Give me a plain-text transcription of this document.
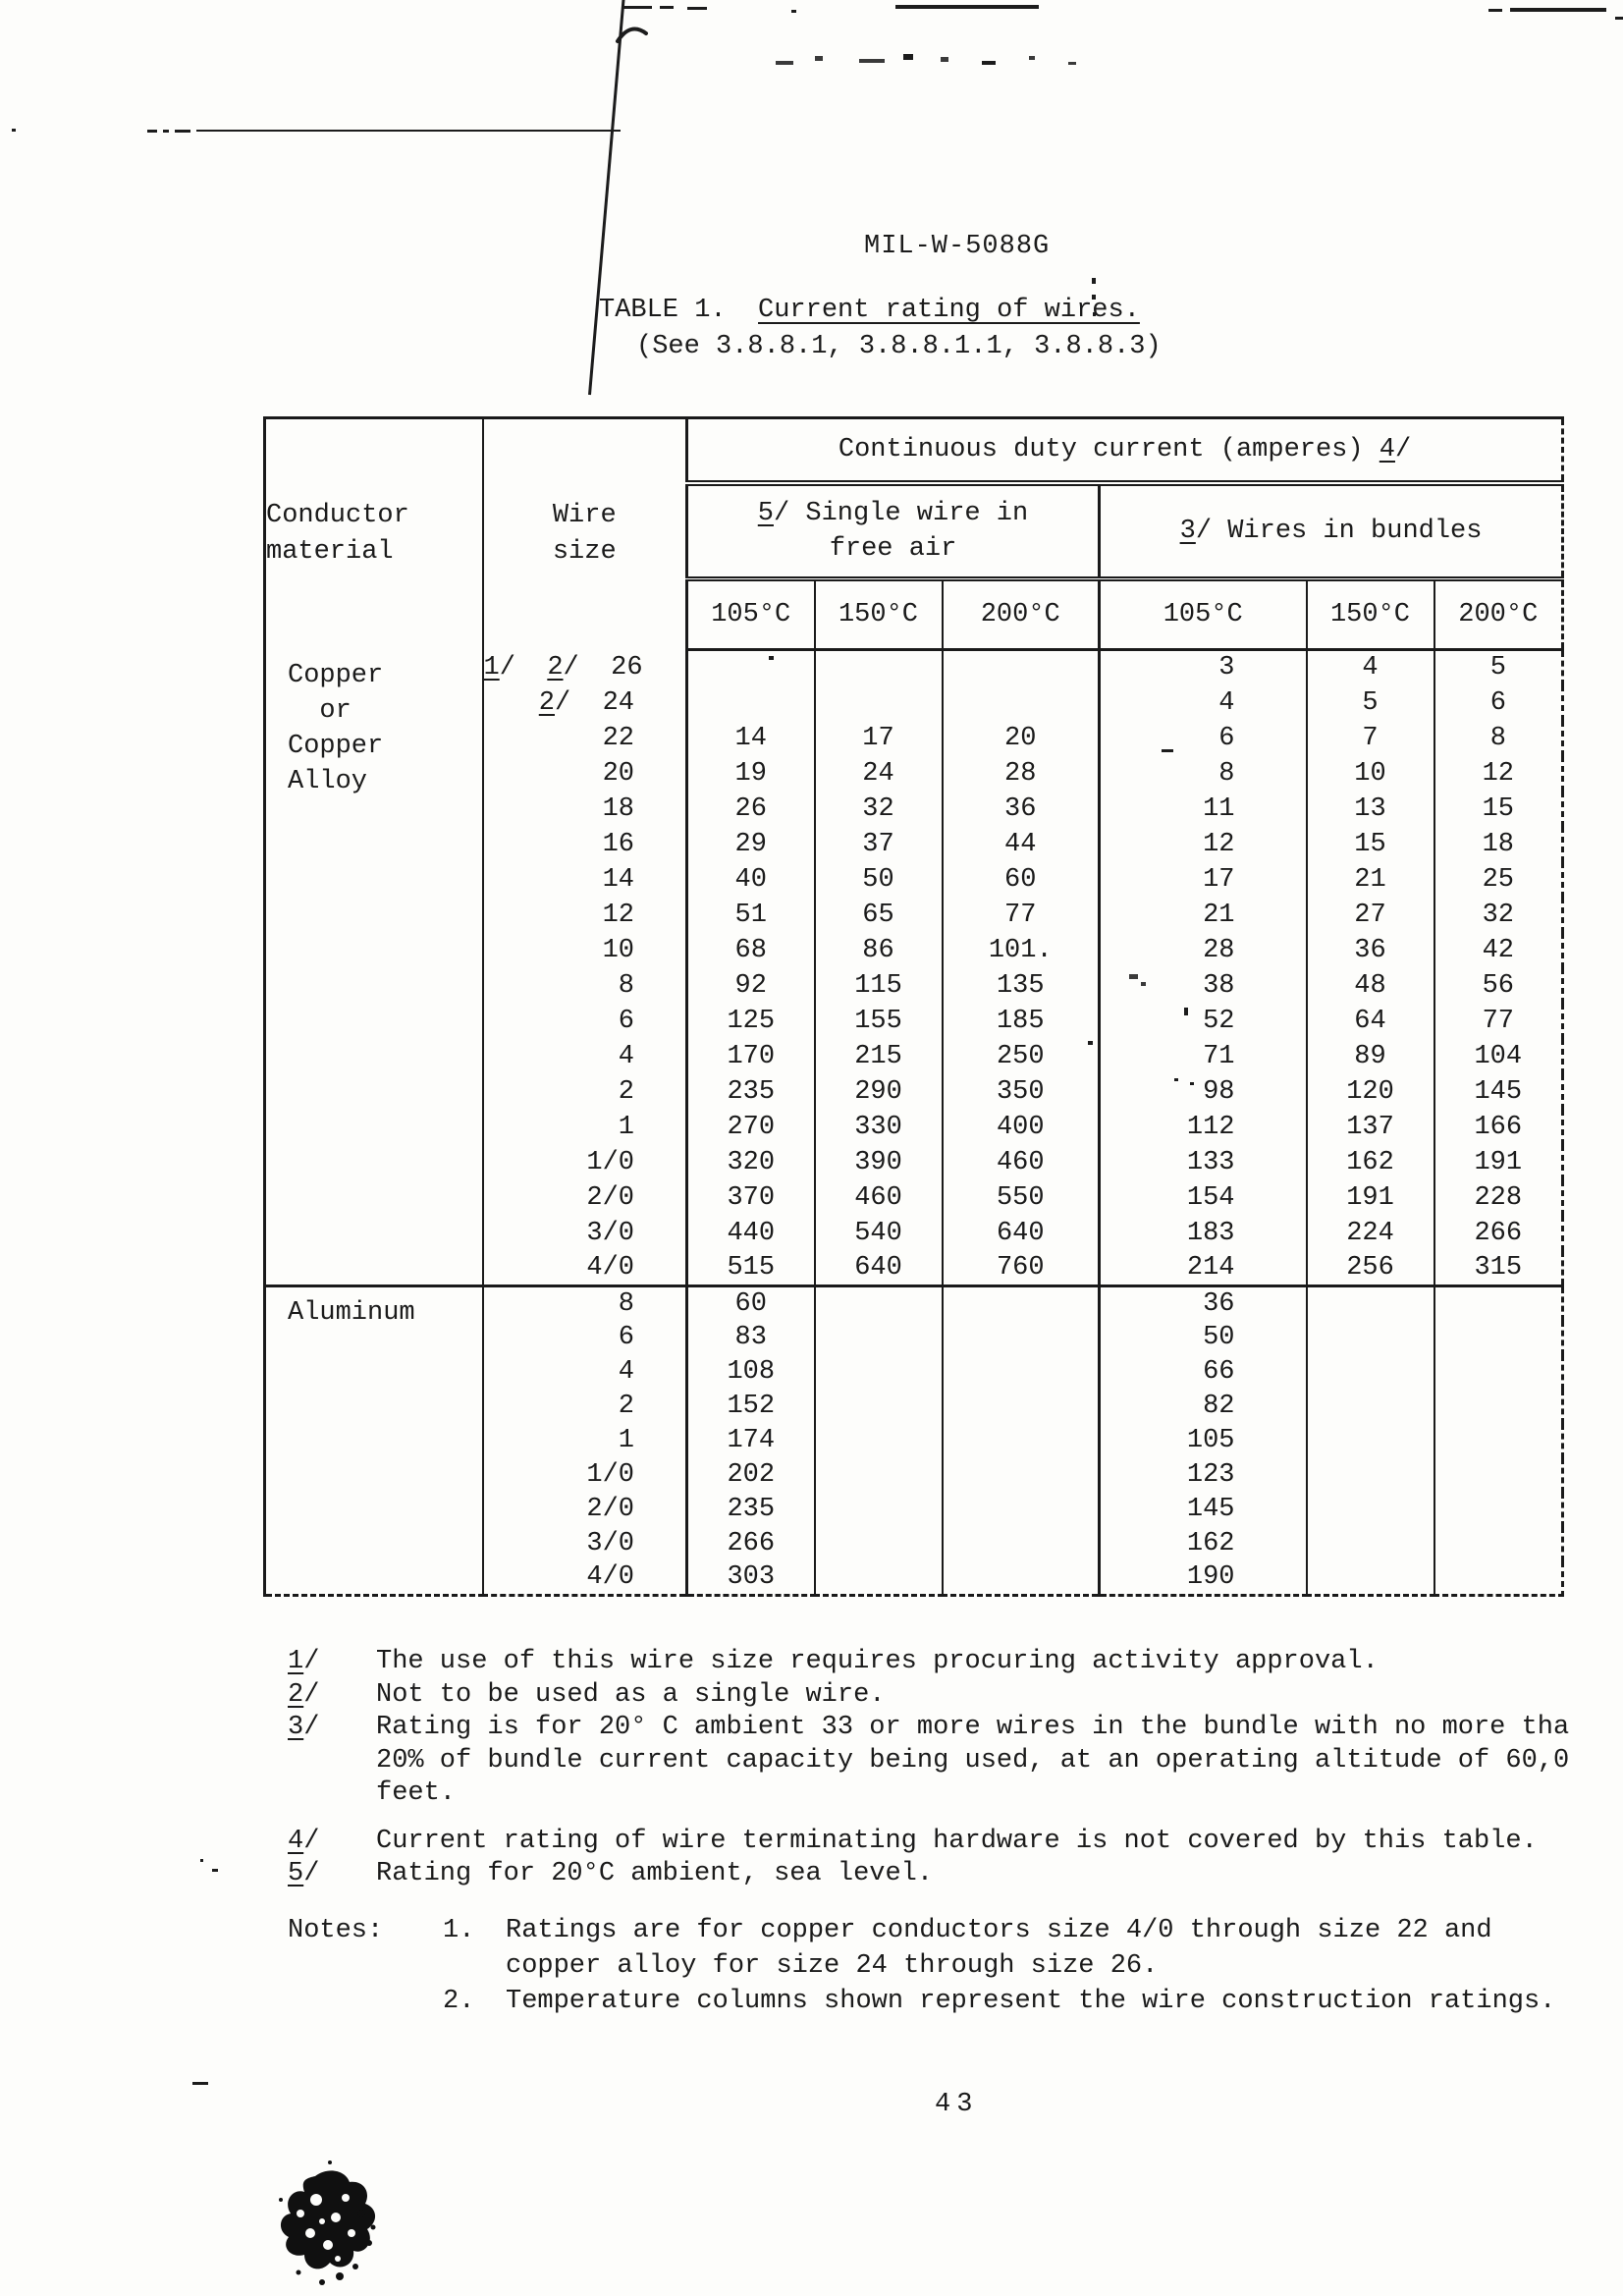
MIL-W-5088G
TABLE 1. Current rating of wires.
(See 3.8.8.1, 3.8.8.1.1, 3.8.8.3)
Conductor
material	Wire
size	Continuous duty current (amperes) 4/					
		5/ Single wire in
free air			3/ Wires in bundles		
		105°C	150°C	200°C	105°C	150°C	200°C
Copper
or
Copper
Alloy	1/  2/  26				3	4	5
	2/  24				4	5	6
	22	14	17	20	6	7	8
	20	19	24	28	8	10	12
	18	26	32	36	11	13	15
	16	29	37	44	12	15	18
	14	40	50	60	17	21	25
	12	51	65	77	21	27	32
	10	68	86	101.	28	36	42
	8	92	115	135	38	48	56
	6	125	155	185	52	64	77
	4	170	215	250	71	89	104
	2	235	290	350	98	120	145
	1	270	330	400	112	137	166
	1/0	320	390	460	133	162	191
	2/0	370	460	550	154	191	228
	3/0	440	540	640	183	224	266
	4/0	515	640	760	214	256	315
Aluminum	8	60			36		
	6	83			50		
	4	108			66		
	2	152			82		
	1	174			105		
	1/0	202			123		
	2/0	235			145		
	3/0	266			162		
	4/0	303			190		
1/	The use of this wire size requires procuring activity approval.
2/	Not to be used as a single wire.
3/	Rating is for 20° C ambient 33 or more wires in the bundle with no more tha
20% of bundle current capacity being used, at an operating altitude of 60,0
feet.
4/	Current rating of wire terminating hardware is not covered by this table.
5/	Rating for 20°C ambient, sea level.
Notes:	1.	Ratings are for copper conductors size 4/0 through size 22 and
copper alloy for size 24 through size 26.
2.	Temperature columns shown represent the wire construction ratings.
43
